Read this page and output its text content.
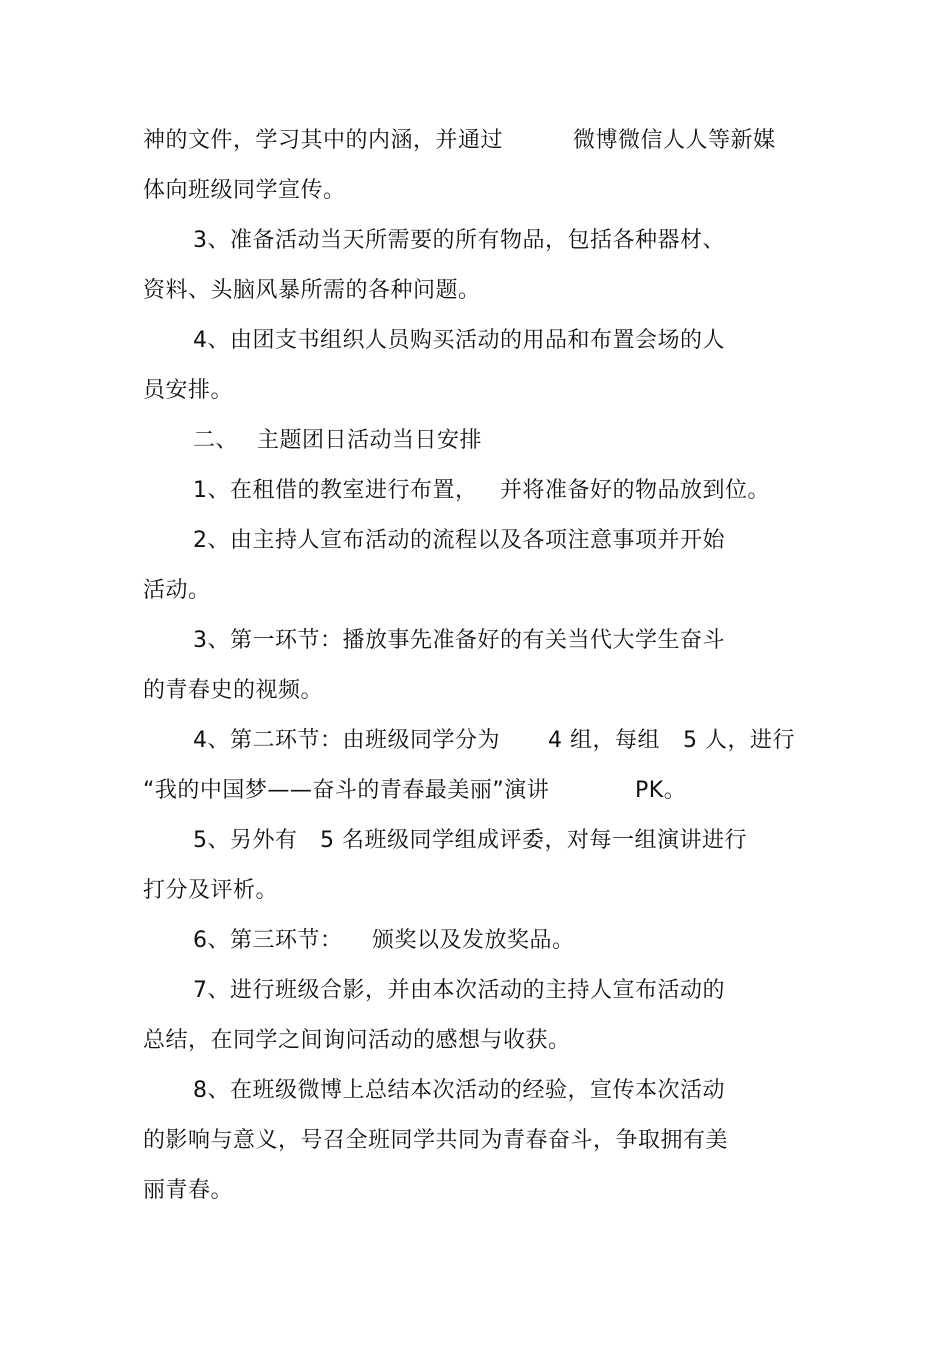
神的文件，学习其中的内涵，并通过	微博微信人人等新媒
体向班级同学宣传。
3、准备活动当天所需要的所有物品，包括各种器材、
资料、头脑风暴所需的各种问题。
4、由团支书组织人员购买活动的用品和布置会场的人
员安排。
二、 主题团日活动当日安排
1、在租借的教室进行布置， 并将准备好的物品放到位。
2、由主持人宣布活动的流程以及各项注意事项并开始
活动。
3、第一环节：播放事先准备好的有关当代大学生奋斗
的青春史的视频。
4、第二环节：由班级同学分为 4 组，每组 5 人，进行
“我的中国梦——奋斗的青春最美丽”演讲	PK。
5、另外有 5 名班级同学组成评委，对每一组演讲进行
打分及评析。
6、第三环节： 颁奖以及发放奖品。
7、进行班级合影，并由本次活动的主持人宣布活动的
总结，在同学之间询问活动的感想与收获。
8、在班级微博上总结本次活动的经验，宣传本次活动
的影响与意义，号召全班同学共同为青春奋斗，争取拥有美
丽青春。
